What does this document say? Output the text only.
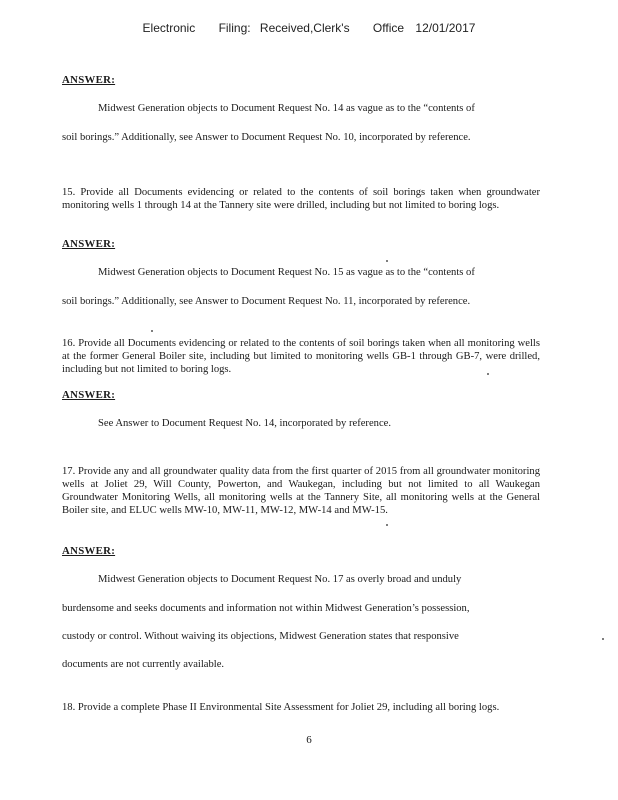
Electronic Filing: Received,Clerk's Office 12/01/2017
ANSWER:
Midwest Generation objects to Document Request No. 14 as vague as to the “contents of
soil borings.” Additionally, see Answer to Document Request No. 10, incorporated by reference.
15. Provide all Documents evidencing or related to the contents of soil borings taken when groundwater monitoring wells 1 through 14 at the Tannery site were drilled, including but not limited to boring logs.
ANSWER:
Midwest Generation objects to Document Request No. 15 as vague as to the “contents of
soil borings.” Additionally, see Answer to Document Request No. 11, incorporated by reference.
16. Provide all Documents evidencing or related to the contents of soil borings taken when all monitoring wells at the former General Boiler site, including but limited to monitoring wells GB-1 through GB-7, were drilled, including but not limited to boring logs.
ANSWER:
See Answer to Document Request No. 14, incorporated by reference.
17. Provide any and all groundwater quality data from the first quarter of 2015 from all groundwater monitoring wells at Joliet 29, Will County, Powerton, and Waukegan, including but not limited to all Waukegan Groundwater Monitoring Wells, all monitoring wells at the Tannery Site, all monitoring wells at the General Boiler site, and ELUC wells MW-10, MW-11, MW-12, MW-14 and MW-15.
ANSWER:
Midwest Generation objects to Document Request No. 17 as overly broad and unduly
burdensome and seeks documents and information not within Midwest Generation’s possession,
custody or control. Without waiving its objections, Midwest Generation states that responsive
documents are not currently available.
18. Provide a complete Phase II Environmental Site Assessment for Joliet 29, including all boring logs.
6
